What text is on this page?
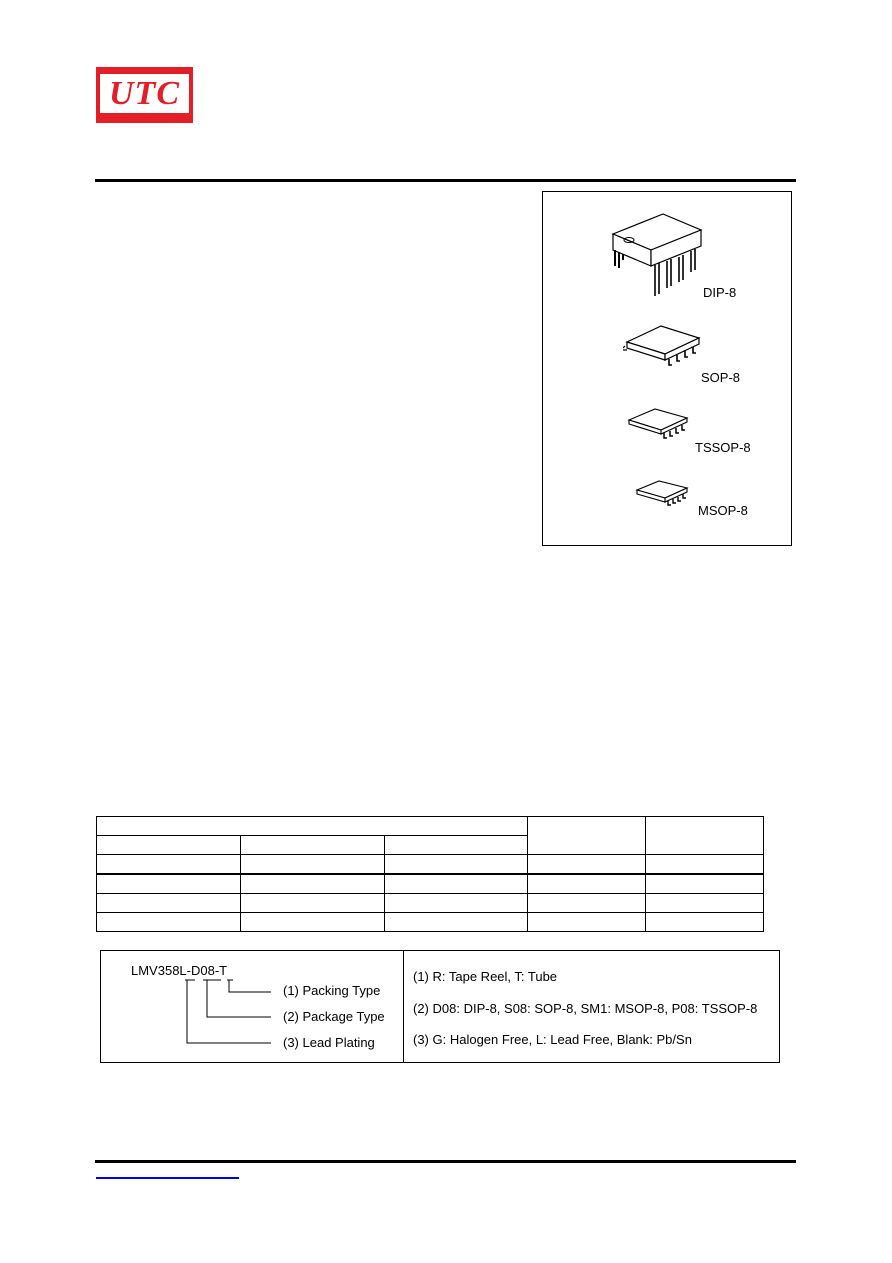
UTC
DIP-8
SOP-8
TSSOP-8
MSOP-8

LMV358L-D08-T
(1) Packing Type
(2) Package Type
(3) Lead Plating
(1) R: Tape Reel, T: Tube
(2) D08: DIP-8, S08: SOP-8, SM1: MSOP-8, P08: TSSOP-8
(3) G: Halogen Free, L: Lead Free, Blank: Pb/Sn
